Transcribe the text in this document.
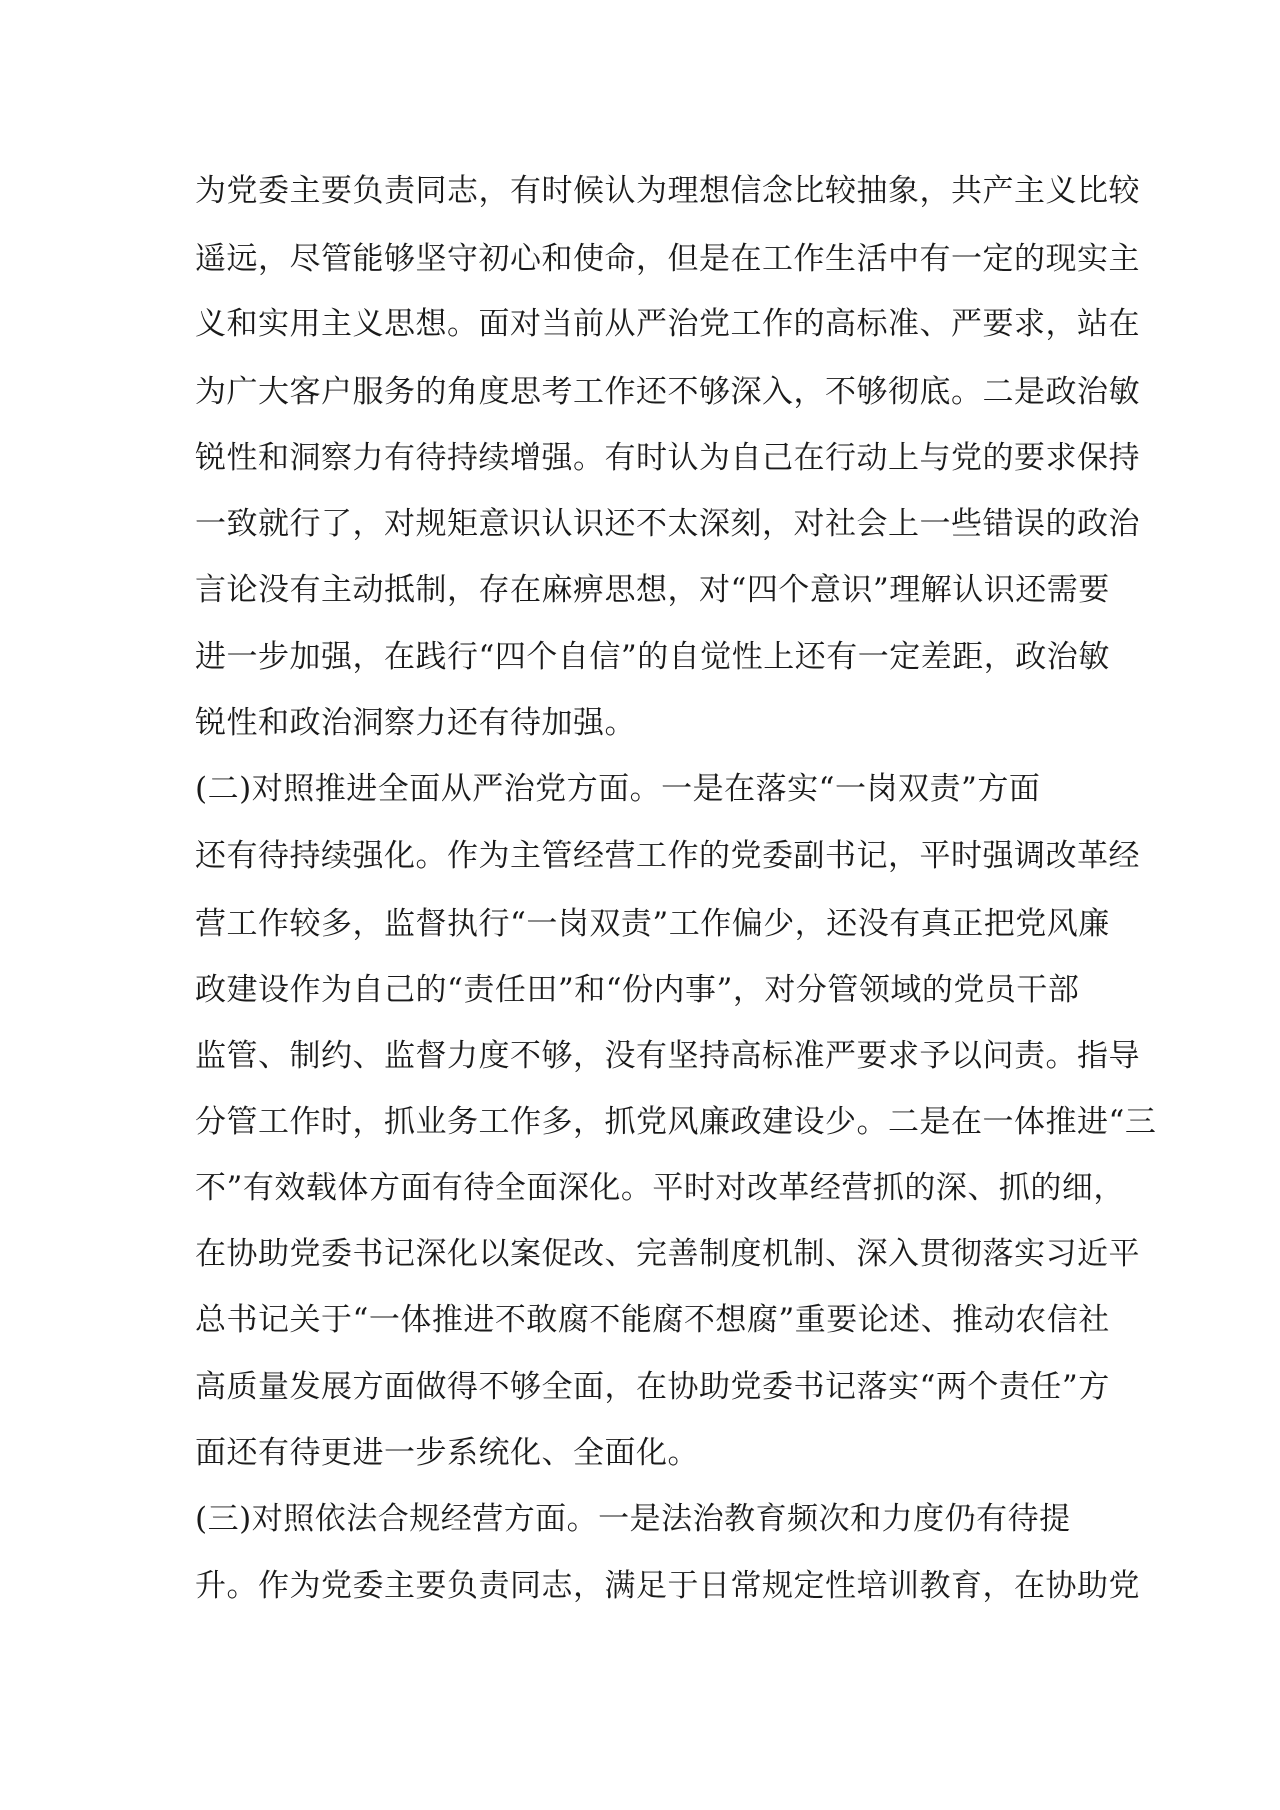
为党委主要负责同志，有时候认为理想信念比较抽象，共产主义比较
遥远，尽管能够坚守初心和使命，但是在工作生活中有一定的现实主
义和实用主义思想。面对当前从严治党工作的高标准、严要求，站在
为广大客户服务的角度思考工作还不够深入，不够彻底。二是政治敏
锐性和洞察力有待持续增强。有时认为自己在行动上与党的要求保持
一致就行了，对规矩意识认识还不太深刻，对社会上一些错误的政治
言论没有主动抵制，存在麻痹思想，对“四个意识”理解认识还需要
进一步加强，在践行“四个自信”的自觉性上还有一定差距，政治敏
锐性和政治洞察力还有待加强。
(二)对照推进全面从严治党方面。一是在落实“一岗双责”方面
还有待持续强化。作为主管经营工作的党委副书记，平时强调改革经
营工作较多，监督执行“一岗双责”工作偏少，还没有真正把党风廉
政建设作为自己的“责任田”和“份内事”，对分管领域的党员干部
监管、制约、监督力度不够，没有坚持高标准严要求予以问责。指导
分管工作时，抓业务工作多，抓党风廉政建设少。二是在一体推进“三
不”有效载体方面有待全面深化。平时对改革经营抓的深、抓的细，
在协助党委书记深化以案促改、完善制度机制、深入贯彻落实习近平
总书记关于“一体推进不敢腐不能腐不想腐”重要论述、推动农信社
高质量发展方面做得不够全面，在协助党委书记落实“两个责任”方
面还有待更进一步系统化、全面化。
(三)对照依法合规经营方面。一是法治教育频次和力度仍有待提
升。作为党委主要负责同志，满足于日常规定性培训教育，在协助党
